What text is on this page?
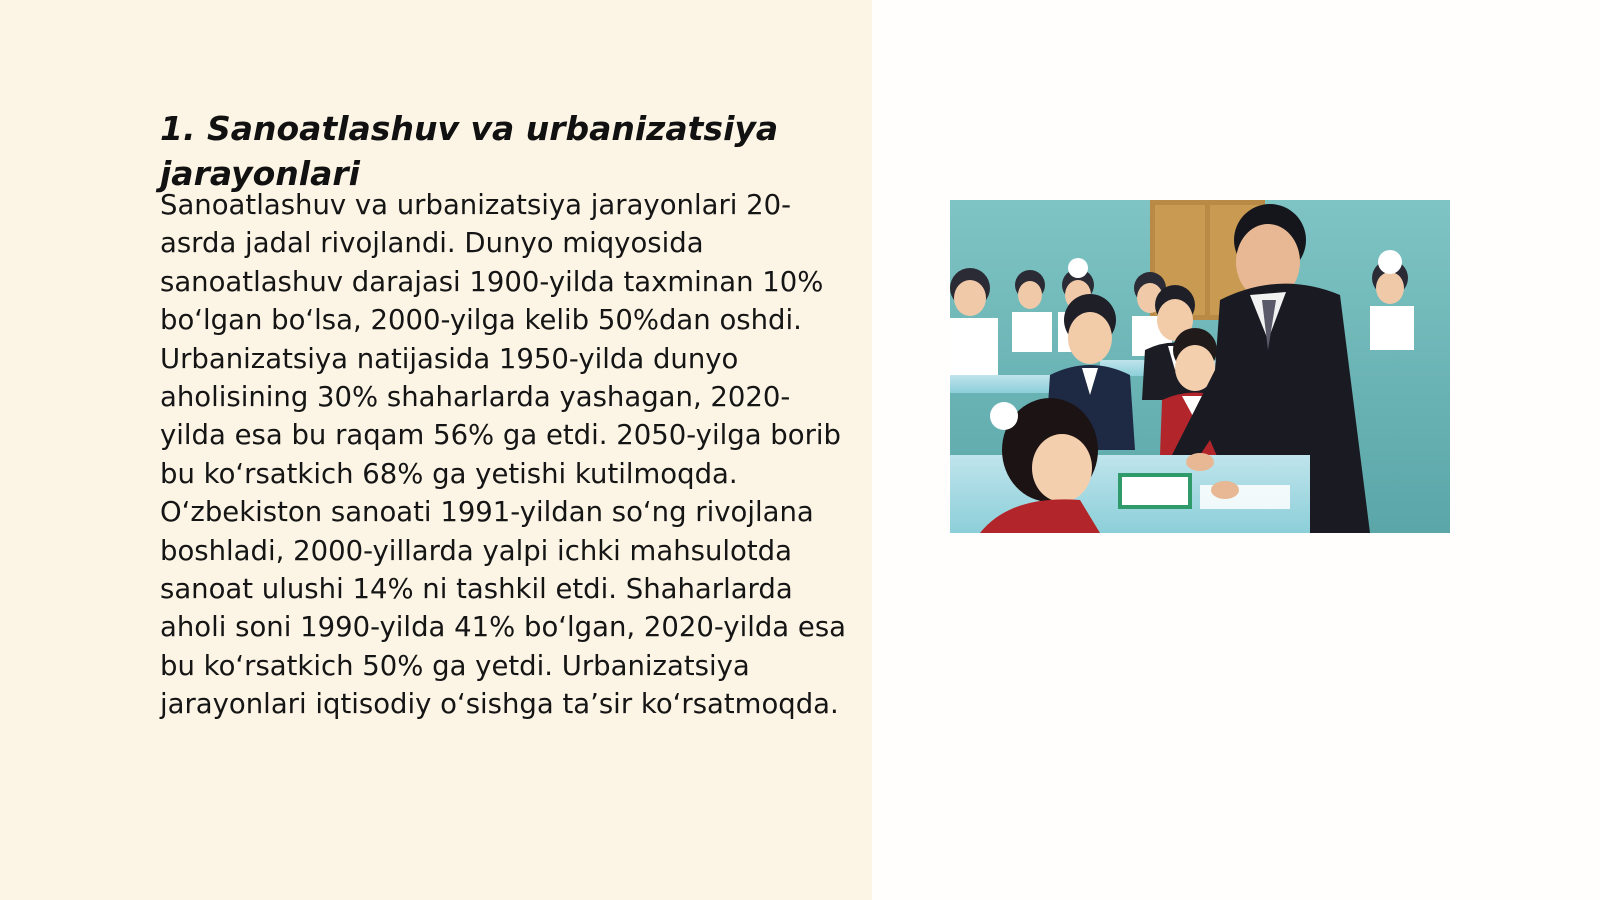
1. Sanoatlashuv va urbanizatsiya jarayonlari

Sanoatlashuv va urbanizatsiya jarayonlari 20-asrda jadal rivojlandi. Dunyo miqyosida sanoatlashuv darajasi 1900-yilda taxminan 10% bo‘lgan bo‘lsa, 2000-yilga kelib 50%dan oshdi. Urbanizatsiya natijasida 1950-yilda dunyo aholisining 30% shaharlarda yashagan, 2020-yilda esa bu raqam 56% ga etdi. 2050-yilga borib bu ko‘rsatkich 68% ga yetishi kutilmoqda. O‘zbekiston sanoati 1991-yildan so‘ng rivojlana boshladi, 2000-yillarda yalpi ichki mahsulotda sanoat ulushi 14% ni tashkil etdi. Shaharlarda aholi soni 1990-yilda 41% bo‘lgan, 2020-yilda esa bu ko‘rsatkich 50% ga yetdi. Urbanizatsiya jarayonlari iqtisodiy o‘sishga ta’sir ko‘rsatmoqda.
